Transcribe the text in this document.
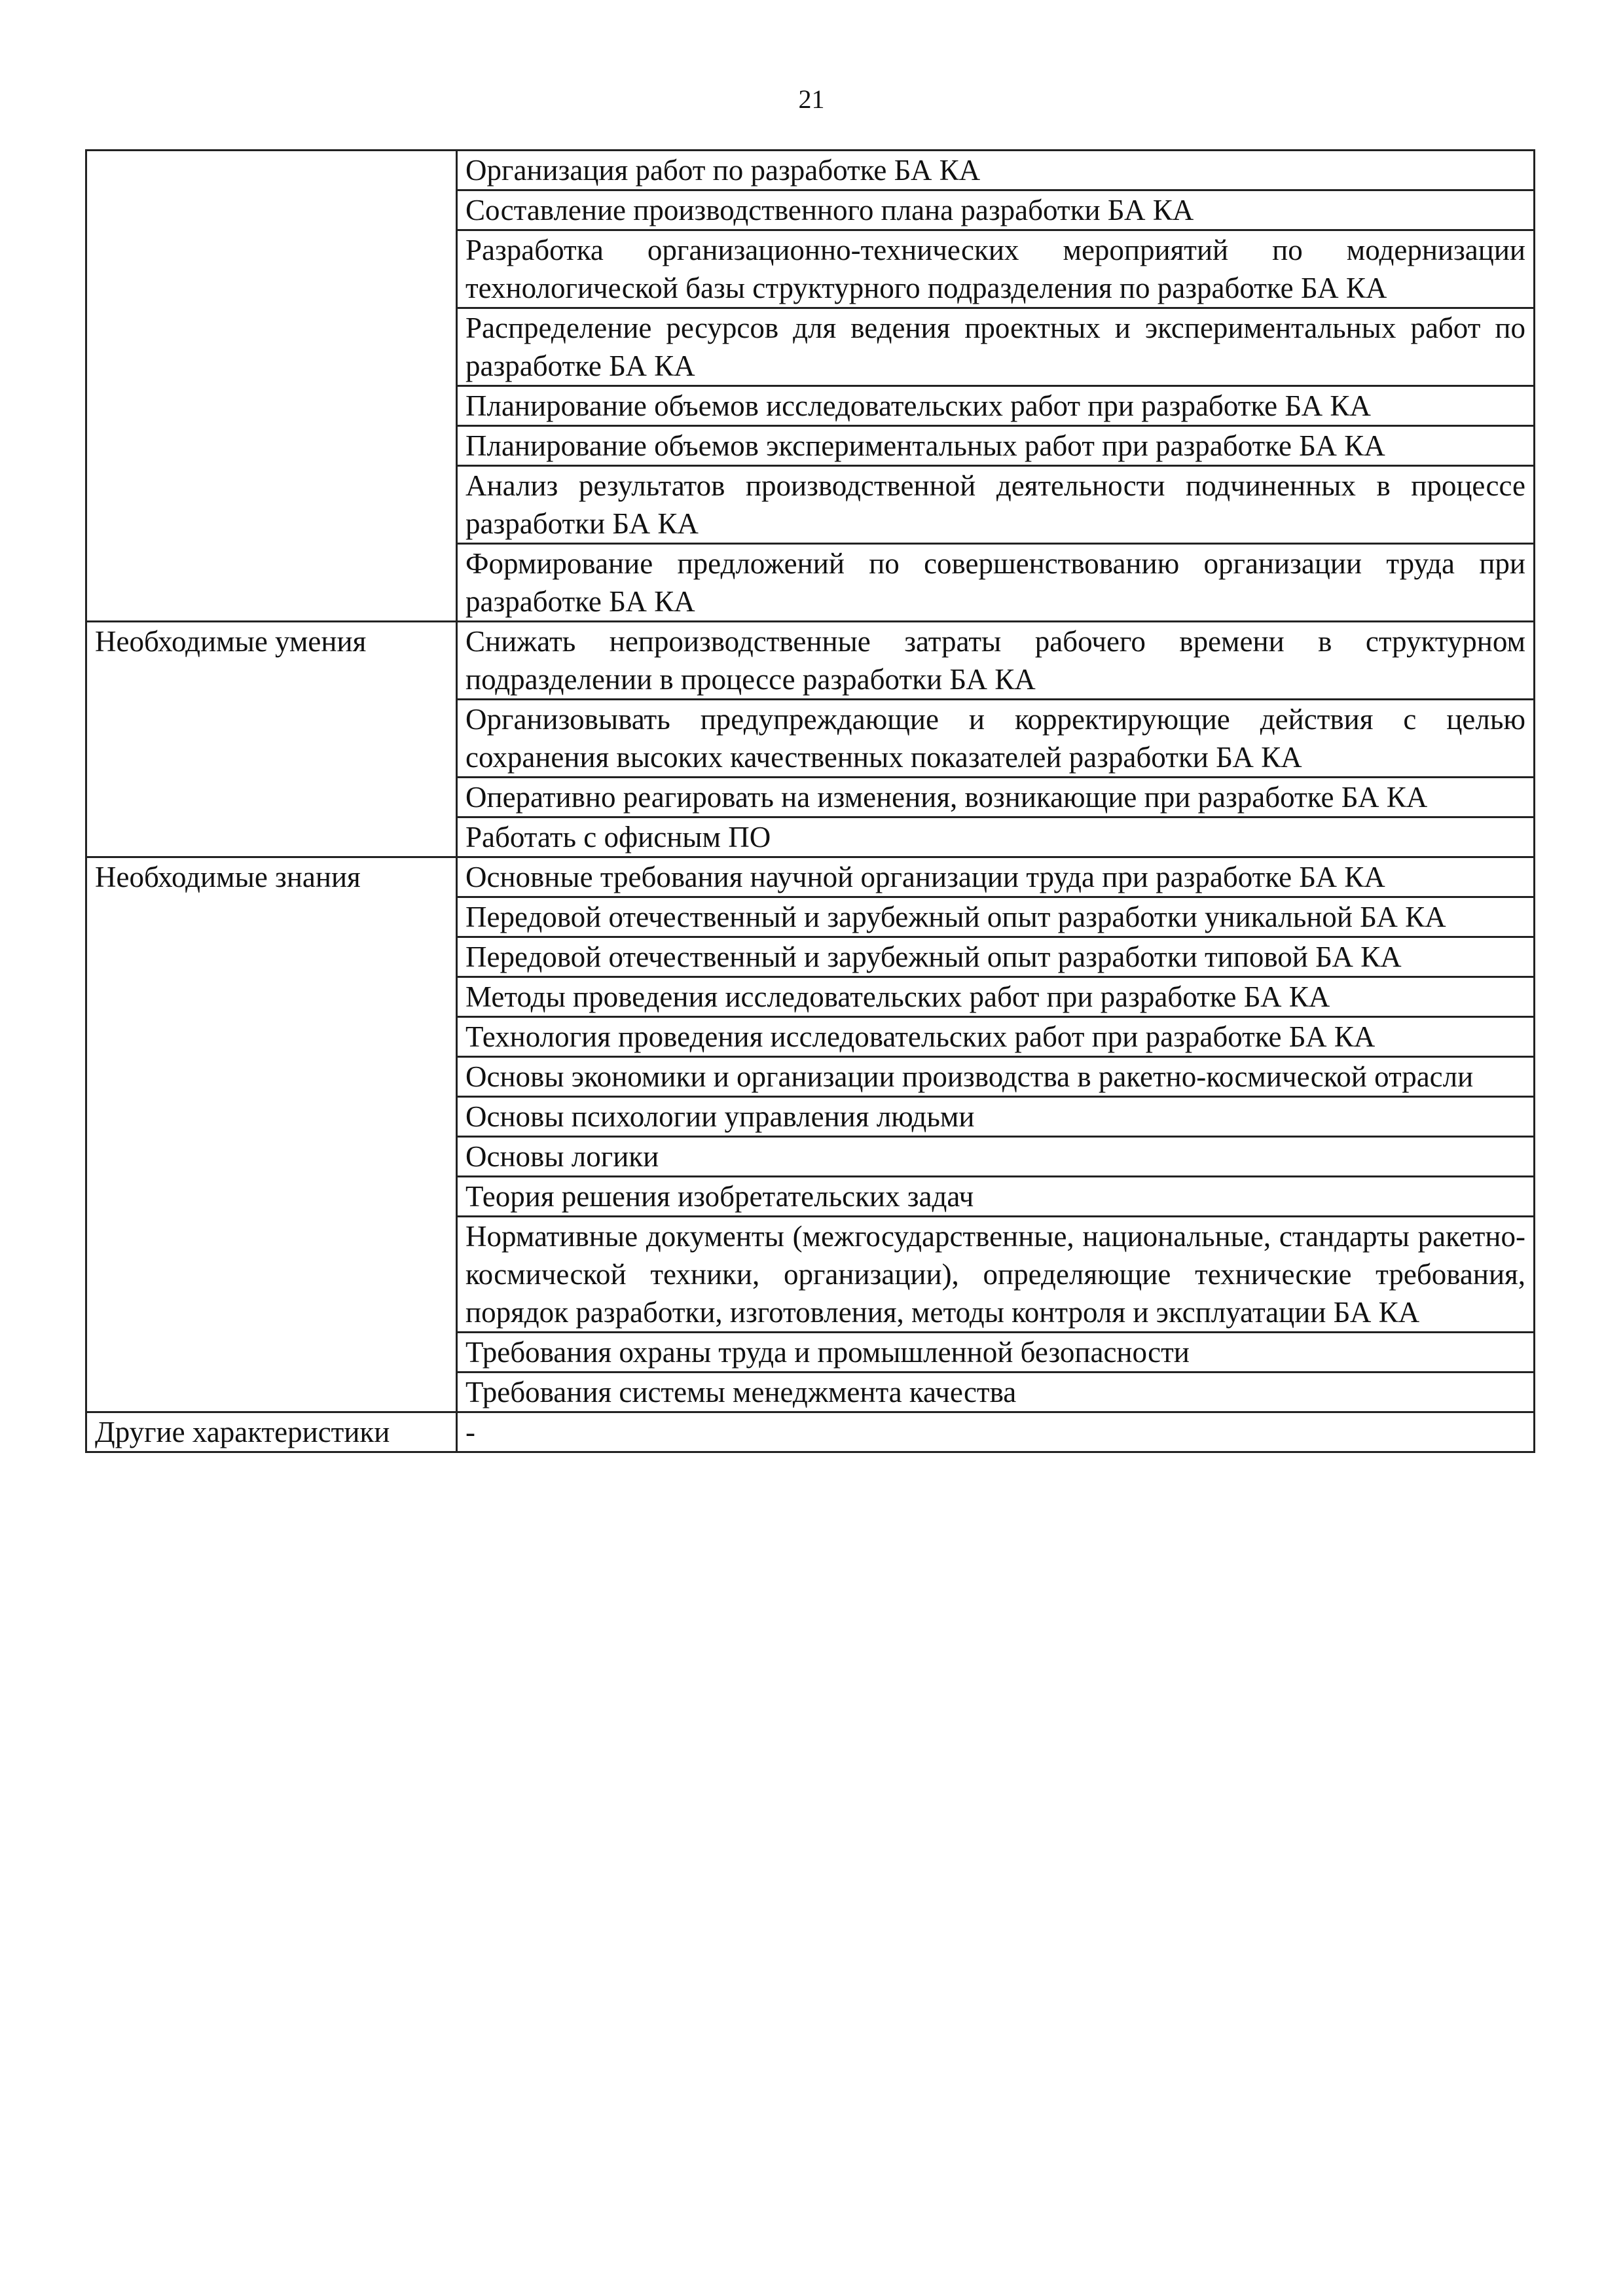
21
	Организация работ по разработке БА КА
	Составление производственного плана разработки БА КА
	Разработка организационно-технических мероприятий по модернизации технологической базы структурного подразделения по разработке БА КА
	Распределение ресурсов для ведения проектных и экспериментальных работ по разработке БА КА
	Планирование объемов исследовательских работ при разработке БА КА
	Планирование объемов экспериментальных работ при разработке БА КА
	Анализ результатов производственной деятельности подчиненных в процессе разработки БА КА
	Формирование предложений по совершенствованию организации труда при разработке БА КА
Необходимые умения	Снижать непроизводственные затраты рабочего времени в структурном подразделении в процессе разработки БА КА
	Организовывать предупреждающие и корректирующие действия с целью сохранения высоких качественных показателей разработки БА КА
	Оперативно реагировать на изменения, возникающие при разработке БА КА
	Работать с офисным ПО
Необходимые знания	Основные требования научной организации труда при разработке БА КА
	Передовой отечественный и зарубежный опыт разработки уникальной БА КА
	Передовой отечественный и зарубежный опыт разработки типовой БА КА
	Методы проведения исследовательских работ при разработке БА КА
	Технология проведения исследовательских работ при разработке БА КА
	Основы экономики и организации производства в ракетно-космической отрасли
	Основы психологии управления людьми
	Основы логики
	Теория решения изобретательских задач
	Нормативные документы (межгосударственные, национальные, стандарты ракетно-космической техники, организации), определяющие технические требования, порядок разработки, изготовления, методы контроля и эксплуатации БА КА
	Требования охраны труда и промышленной безопасности
	Требования системы менеджмента качества
Другие характеристики	-
